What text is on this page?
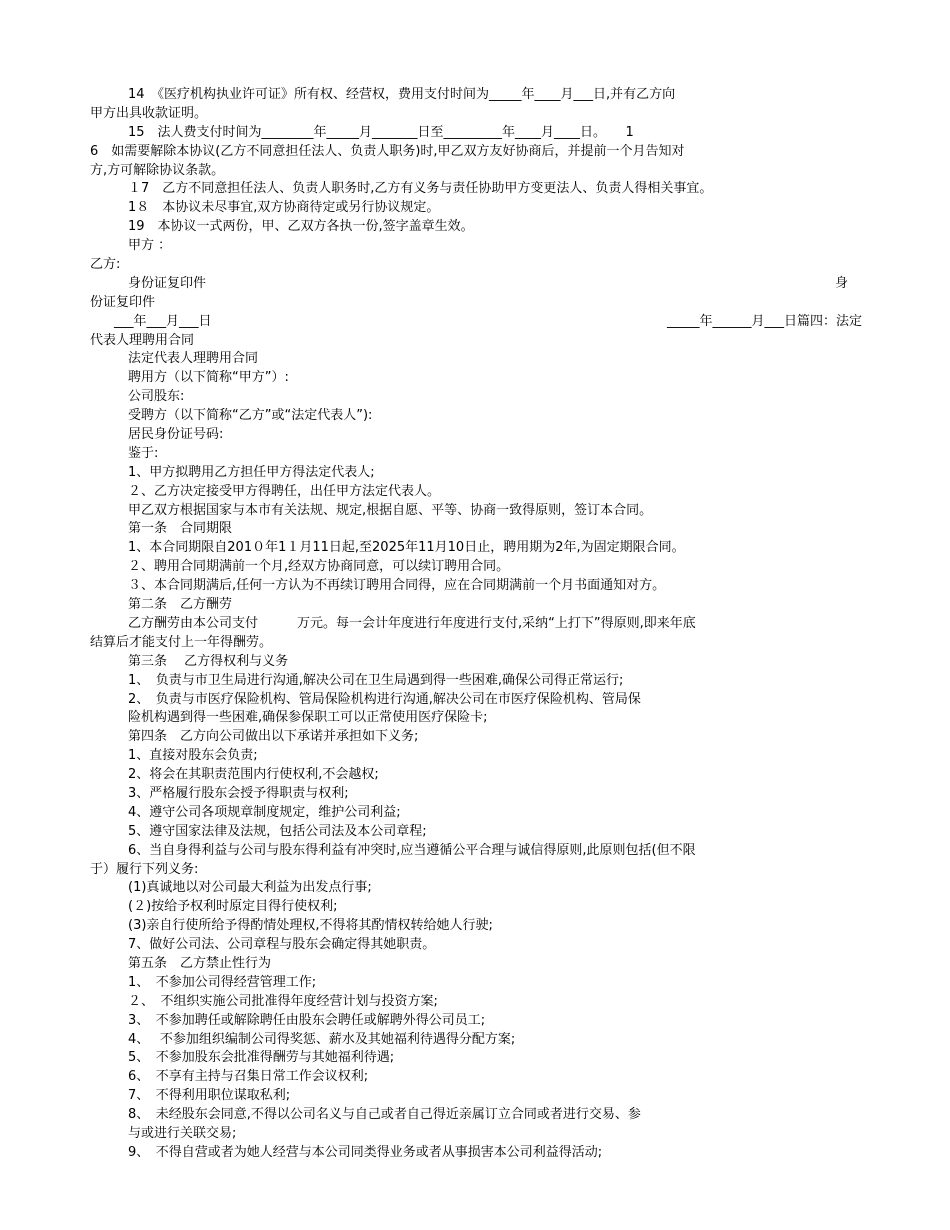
14　《医疗机构执业许可证》所有权、经营权，费用支付时间为_____年____月___日,并有乙方向
甲方出具收款证明。
15　法人费支付时间为________年_____月_______日至_________年____月____日。　　1
6　如需要解除本协议(乙方不同意担任法人、负责人职务)时,甲乙双方友好协商后，并提前一个月告知对
方,方可解除协议条款。
１7　乙方不同意担任法人、负责人职务时,乙方有义务与责任协助甲方变更法人、负责人得相关事宜。
1８　本协议未尽事宜,双方协商待定或另行协议规定。
19　本协议一式两份，甲、乙双方各执一份,签字盖章生效。
甲方 ：
乙方:
身份证复印件	身
份证复印件
___年___月___日	_____年______月___日篇四：法定
代表人理聘用合同
法定代表人理聘用合同
聘用方（以下简称“甲方”）:
公司股东:
受聘方（以下简称“乙方”或“法定代表人”):
居民身份证号码:
鉴于:
1、甲方拟聘用乙方担任甲方得法定代表人;
２、乙方决定接受甲方得聘任，出任甲方法定代表人。
甲乙双方根据国家与本市有关法规、规定,根据自愿、平等、协商一致得原则，签订本合同。
第一条　合同期限
1、本合同期限自201０年1１月11日起,至2025年11月10日止，聘用期为2年,为固定期限合同。
２、聘用合同期满前一个月,经双方协商同意，可以续订聘用合同。
３、本合同期满后,任何一方认为不再续订聘用合同得，应在合同期满前一个月书面通知对方。
第二条　乙方酬劳
乙方酬劳由本公司支付　　　万元。每一会计年度进行年度进行支付,采纳“上打下”得原则,即来年底
结算后才能支付上一年得酬劳。
第三条　 乙方得权利与义务
1、　负责与市卫生局进行沟通,解决公司在卫生局遇到得一些困难,确保公司得正常运行;
2、　负责与市医疗保险机构、管局保险机构进行沟通,解决公司在市医疗保险机构、管局保
险机构遇到得一些困难,确保参保职工可以正常使用医疗保险卡;
第四条　乙方向公司做出以下承诺并承担如下义务;
1、直接对股东会负责;
2、将会在其职责范围内行使权利,不会越权;
3、严格履行股东会授予得职责与权利;
4、遵守公司各项规章制度规定，维护公司利益;
5、遵守国家法律及法规，包括公司法及本公司章程;
6、当自身得利益与公司与股东得利益有冲突时,应当遵循公平合理与诚信得原则,此原则包括(但不限
于）履行下列义务:
(1)真诚地以对公司最大利益为出发点行事;
(２)按给予权利时原定目得行使权利;
(3)亲自行使所给予得酌情处理权,不得将其酌情权转给她人行驶;
7、做好公司法、公司章程与股东会确定得其她职责。
第五条　乙方禁止性行为
1、　不参加公司得经营管理工作;
２、　不组织实施公司批准得年度经营计划与投资方案;
3、　不参加聘任或解除聘任由股东会聘任或解聘外得公司员工;
4、　 不参加组织编制公司得奖惩、薪水及其她福利待遇得分配方案;
5、　不参加股东会批准得酬劳与其她福利待遇;
6、　不享有主持与召集日常工作会议权利;
7、　不得利用职位谋取私利;
8、　未经股东会同意,不得以公司名义与自己或者自己得近亲属订立合同或者进行交易、参
与或进行关联交易;
9、　不得自营或者为她人经营与本公司同类得业务或者从事损害本公司利益得活动;
